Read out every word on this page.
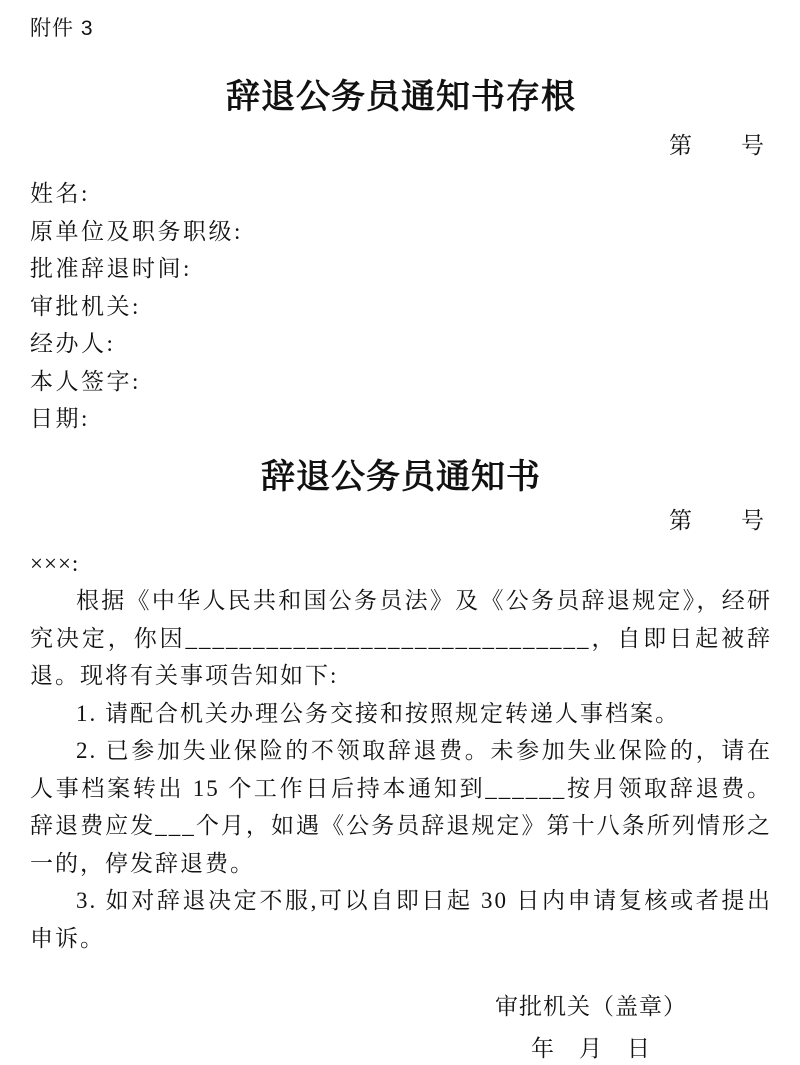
附件 3
辞退公务员通知书存根
第　　号
姓名:
原单位及职务职级:
批准辞退时间:
审批机关:
经办人:
本人签字:
日期:
辞退公务员通知书
第　　号
×××:

根据《中华人民共和国公务员法》及《公务员辞退规定》，经研究决定，你因______________________________，自即日起被辞退。现将有关事项告知如下:

1. 请配合机关办理公务交接和按照规定转递人事档案。

2. 已参加失业保险的不领取辞退费。未参加失业保险的，请在人事档案转出 15 个工作日后持本通知到______按月领取辞退费。辞退费应发___个月，如遇《公务员辞退规定》第十八条所列情形之一的，停发辞退费。

3. 如对辞退决定不服,可以自即日起 30 日内申请复核或者提出申诉。

审批机关（盖章）
年　月　日
